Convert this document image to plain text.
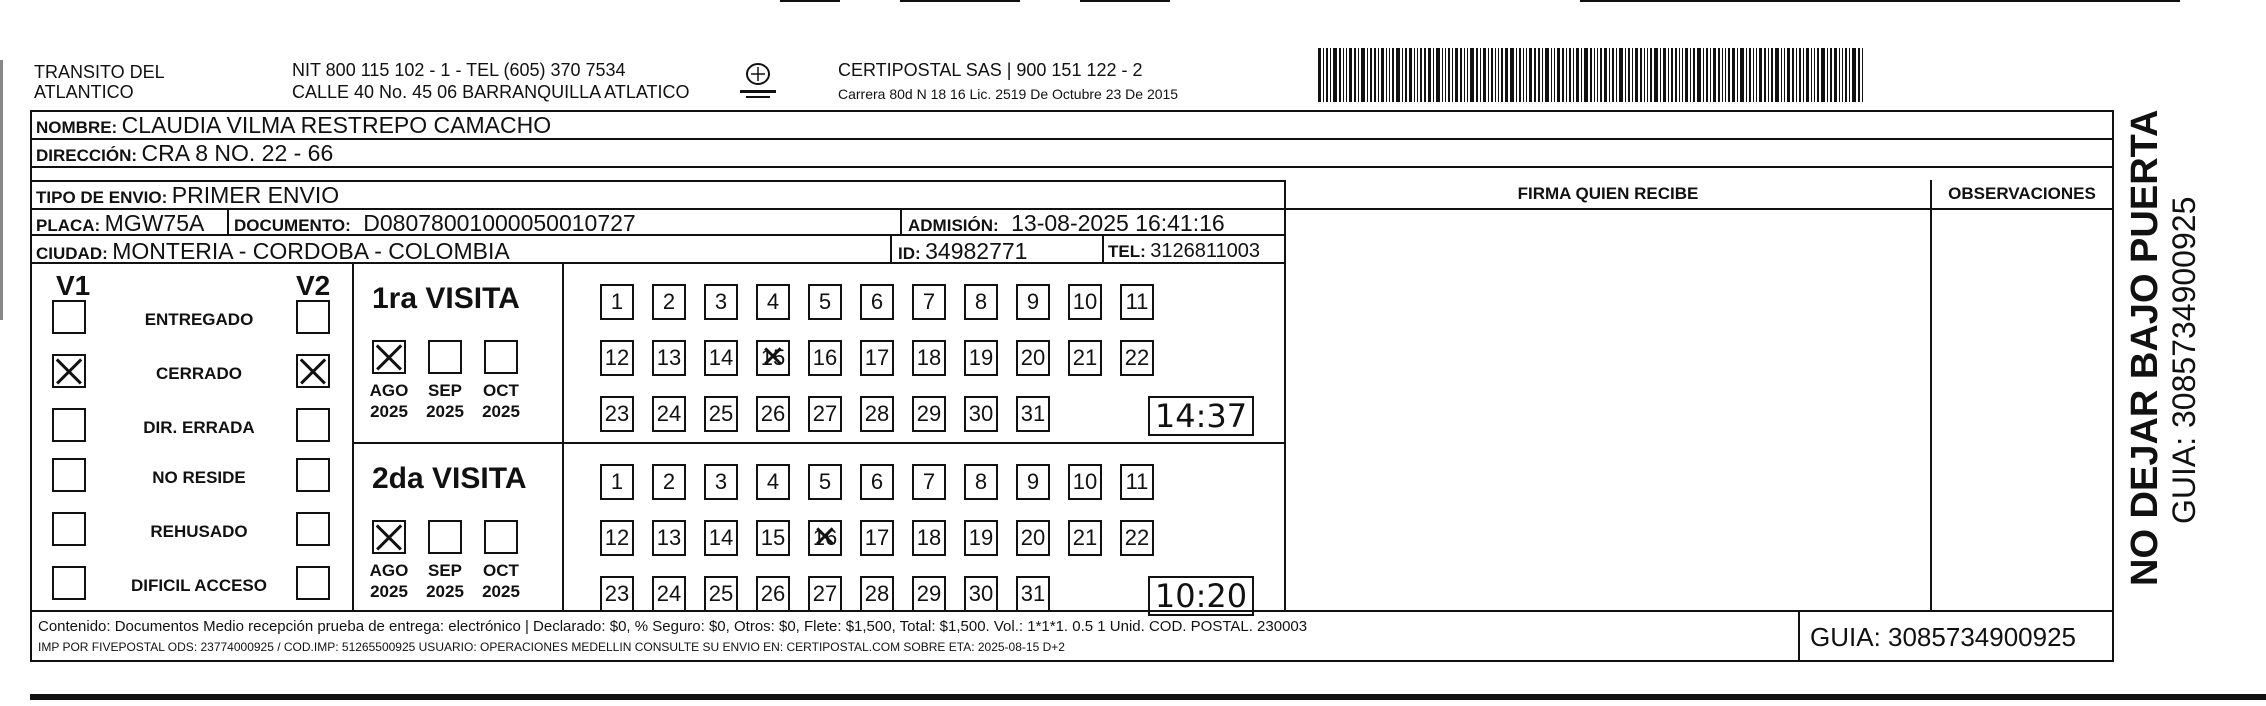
TRANSITO DEL
ATLANTICO
NIT 800 115 102 - 1 - TEL (605) 370 7534
CALLE 40 No. 45 06 BARRANQUILLA ATLATICO
CERTIPOSTAL SAS | 900 151 122 - 2
Carrera 80d N 18 16 Lic. 2519 De Octubre 23 De 2015
NOMBRE: CLAUDIA VILMA RESTREPO CAMACHO
DIRECCIÓN: CRA 8 NO. 22 - 66
TIPO DE ENVIO: PRIMER ENVIO
PLACA: MGW75A DOCUMENTO: D08078001000050010727	ADMISIÓN: 13-08-2025 16:41:16
CIUDAD: MONTERIA - CORDOBA - COLOMBIA	ID: 34982771	TEL: 3126811003
FIRMA QUIEN RECIBE	OBSERVACIONES
V1	V2
ENTREGADO
CERRADO
DIR. ERRADA
NO RESIDE
REHUSADO
DIFICIL ACCESO
1ra VISITA
AGO
2025
SEP
2025
OCT
2025
1	2	3	4	5	6	7	8	9	10 11
12 13 14 15 ✕ 16 17 18 19 20 21 22
23 24 25 26 27 28 29 30 31	14:37
2da VISITA
AGO
2025
SEP
2025
OCT
2025
1	2	3	4	5	6	7	8	9	10 11
12 13 14 15 16 ✕ 17 18 19 20 21 22
23 24 25 26 27 28 29 30 31	10:20
Contenido: Documentos Medio recepción prueba de entrega: electrónico | Declarado: $0, % Seguro: $0, Otros: $0, Flete: $1,500, Total: $1,500. Vol.: 1*1*1. 0.5 1 Unid. COD. POSTAL. 230003
IMP POR FIVEPOSTAL ODS: 23774000925 / COD.IMP: 51265500925 USUARIO: OPERACIONES MEDELLIN CONSULTE SU ENVIO EN: CERTIPOSTAL.COM SOBRE ETA: 2025-08-15 D+2	GUIA: 3085734900925
NO DEJAR BAJO PUERTA GUIA: 3085734900925
